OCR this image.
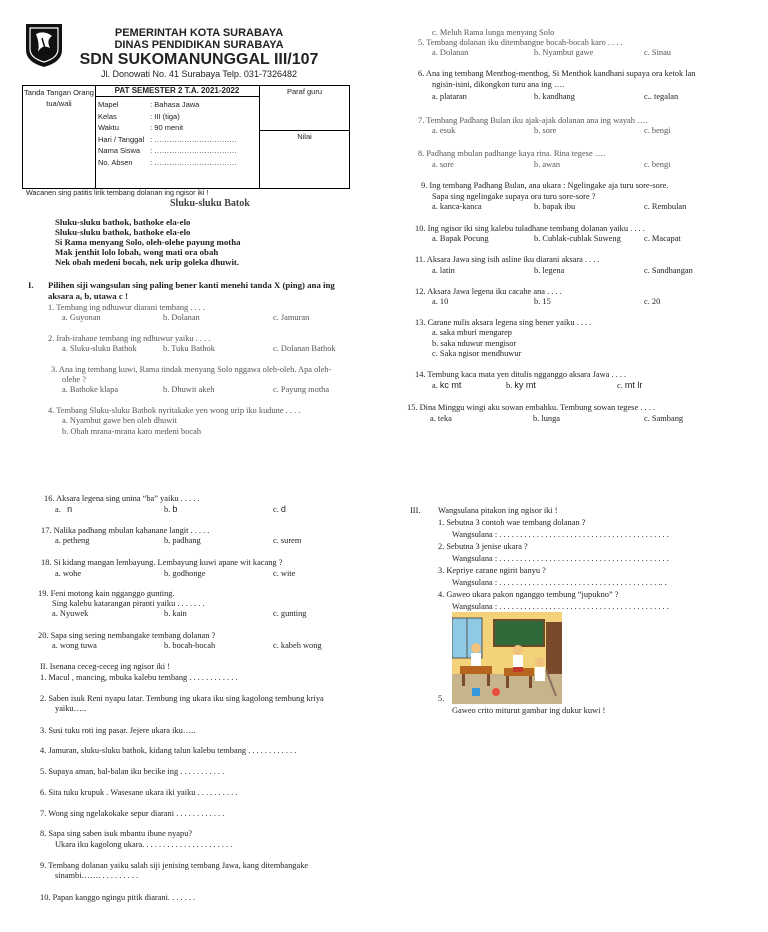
PEMERINTAH KOTA SURABAYA
DINAS PENDIDIKAN SURABAYA
SDN SUKOMANUNGGAL III/107
Jl. Donowati No. 41 Surabaya Telp. 031-7326482
Tanda Tangan Orang tua/wali
PAT SEMESTER 2 T.A. 2021-2022
Mapel	: Bahasa Jawa
Kelas	: III (tiga)
Waktu	: 90 menit
Hari / Tanggal	: ……………………………
Nama Siswa	: ……………………………
No. Absen	: ……………………………
Paraf guru
Nilai
Wacanen sing patitis lirik tembang dolanan ing ngisor iki !
Sluku-sluku Batok
Sluku-sluku bathok, bathoke ela-elo
Sluku-sluku bathok, bathoke ela-elo
Si Rama menyang Solo, oleh-olehe payung motha
Mak jenthit lolo lobah, wong mati ora obah
Nek obah medeni bocah, nek urip goleka dhuwit.
I. Pilihen siji wangsulan sing paling bener kanti menehi tanda X (ping) ana ing
aksara a, b, utawa c !
1. Tembang ing ndhuwur diarani tembang . . . .
a. Guyonan	b. Dolanan	c. Jamuran
2. Irah-irahane tembang ing ndhuwur yaiku . . . .
a. Sluku-sluku Bathok	b. Tuku Bathok	c. Dolanan Bathok
3. Ana ing tembang kuwi, Rama tindak menyang Solo nggawa oleh-oleh. Apa oleh-
olehe ?
a. Bathoke klapa	b. Dhuwit akeh	c. Payung motha
4. Tembang Sluku-sluku Bathok nyritakake yen wong urip iku kudune . . . .
a. Nyambut gawe ben oleh dhuwit
b. Obah mrana-mrana karo medeni bocah
c. Meluh Rama lunga menyang Solo
5. Tembang dolanan iku ditembangne bocah-bocah karo . . . .
a. Dolanan	b. Nyambut gawe	c. Sinau
6. Ana ing tembang Menthog-menthog, Si Menthok kandhani supaya ora ketok lan
ngisin-isini, dikongkon turu ana ing ….
a. plataran	b. kandhang	c.. tegalan
7. Tembang Padhang Bulan iku ajak-ajak dolanan ana ing wayah ….
a. esuk	b. sore	c. bengi
8. Padhang mbulan padhange kaya rina. Rina tegese ….
a. sore	b. awan	c. bengi
9. Ing tembang Padhang Bulan, ana ukara : Ngelingake aja turu sore-sore.
Sapa sing ngelingake supaya ora turu sore-sore ?
a. kanca-kanca	b. bapak ibu	c. Rembulan
10. Ing ngisor iki sing kalebu tuladhane tembang dolanan yaiku . . . .
a. Bapak Pocung	b. Cublak-cublak Suweng	c. Macapat
11. Aksara Jawa sing isih asline iku diarani aksara . . . .
a. latin	b. legena	c. Sandhangan
12. Aksara Jawa legena iku cacahe ana . . . .
a. 10	b. 15	c. 20
13. Carane nulis aksara legena sing bener yaiku . . . .
a. saka mburi mengarep
b. saka nduwur mengisor
c. Saka ngisor mendhuwur
14. Tembung kaca mata yen ditulis ngganggo aksara Jawa . . . .
a. kc mt	b. ky mt	c. mt lr
15. Dina Minggu wingi aku sowan embahku. Tembung sowan tegese . . . .
a. teka	b. lunga	c. Sambang
16. Aksara legena sing unina “ba” yaiku . . . . .
a. n	b. b	c. d
17. Nalika padhang mbulan kahanane langit . . . . .
a. petheng	b. padhang	c. surem
18. Si kidang mangan lembayung. Lembayung kuwi apane wit kacang ?
a. wohe	b. godhonge	c. wite
19. Feni motong kain ngganggo gunting.
Sing kalebu katarangan piranti yaiku . . . . . . .
a. Nyuwek	b. kain	c. gunting
20. Sapa sing sering nembangake tembang dolanan ?
a. wong tuwa	b. bocah-bocah	c. kabeh wong
II. Isenana ceceg-ceceg ing ngisor iki !
1. Macul , mancing, mbuka kalebu tembang . . . . . . . . . . . .
2. Saben isuk Reni nyapu latar. Tembung ing ukara iku sing kagolong tembung kriya
yaiku…..
3. Susi tuku roti ing pasar. Jejere ukara iku…..
4. Jamuran, sluku-sluku bathok, kidang talun kalebu tembang . . . . . . . . . . . .
5. Supaya aman, bal-balan iku becike ing . . . . . . . . . . .
6. Sita tuku krupuk . Wasesane ukara iki yaiku . . . . . . . . . .
7. Wong sing ngelakokake sepur diarani . . . . . . . . . . . .
8. Sapa sing saben isuk mbantu ibune nyapu?
Ukara iku kagolong ukara. . . . . . . . . . . . . . . . . . . . . .
9. Tembang dolanan yaiku salah siji jenising tembang Jawa, kang ditembangake
sinambi……. . . . . . . . . .
10. Papan kanggo ngingu pitik diarani. . . . . . .
III. Wangsulana pitakon ing ngisor iki !
1. Sebutna 3 contoh wae tembang dolanan ?
Wangsulana : . . . . . . . . . . . . . . . . . . . . . . . . . . . . . . . . . . . . . . . . .
2. Sebutna 3 jenise ukara ?
Wangsulana : . . . . . . . . . . . . . . . . . . . . . . . . . . . . . . . . . . . . . . . . .
3. Kepriye carane ngirit banyu ?
Wangsulana : . . . . . . . . . . . . . . . . . . . . . . . . . . . . . . . . . . . . . . .. .
4. Gaweo ukara pakon nganggo tembung “jupukno” ?
Wangsulana : . . . . . . . . . . . . . . . . . . . . . . . . . . . . . . . . . . . . . . . . .
5.
Gaweo crito miturut gambar ing dukur kuwi !
